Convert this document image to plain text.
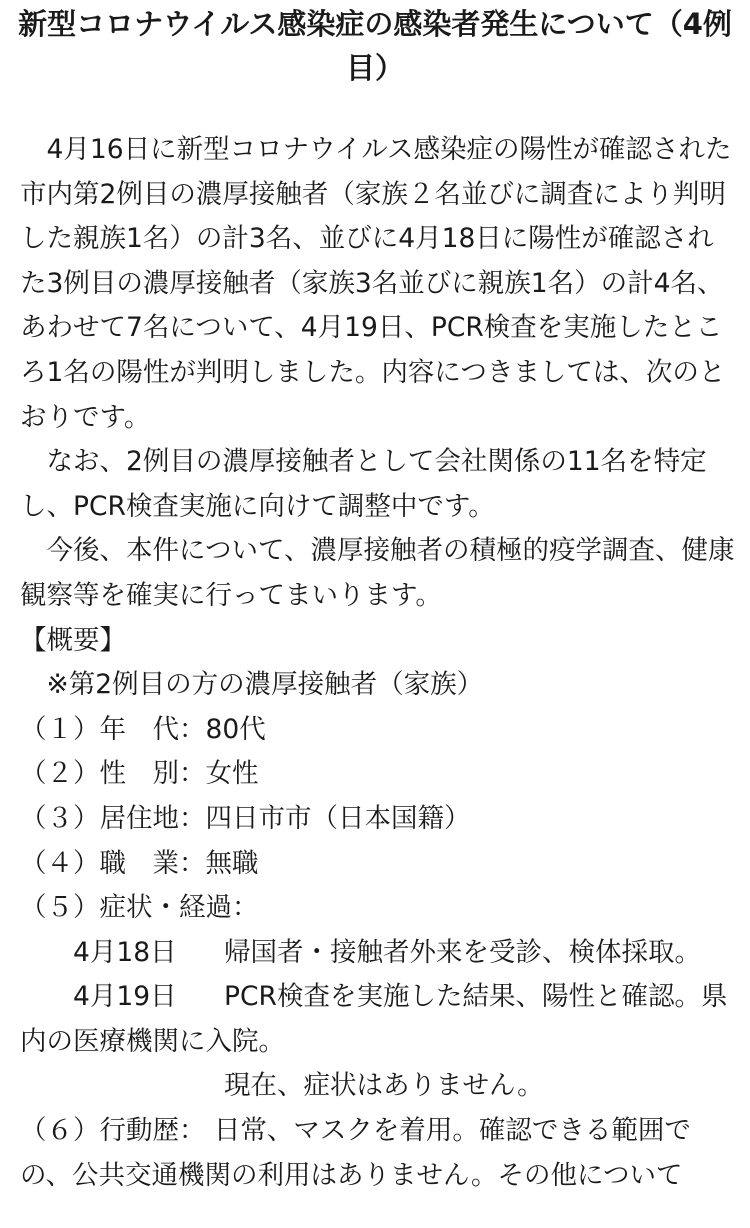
新型コロナウイルス感染症の感染者発生について（4例
目）

4月16日に新型コロナウイルス感染症の陽性が確認された市内第2例目の濃厚接触者（家族２名並びに調査により判明した親族1名）の計3名、並びに4月18日に陽性が確認された3例目の濃厚接触者（家族3名並びに親族1名）の計4名、あわせて7名について、4月19日、PCR検査を実施したところ1名の陽性が判明しました。内容につきましては、次のとおりです。

なお、2例目の濃厚接触者として会社関係の11名を特定し、PCR検査実施に向けて調整中です。

今後、本件について、濃厚接触者の積極的疫学調査、健康観察等を確実に行ってまいります。

【概要】

※第2例目の方の濃厚接触者（家族）

（１）年　代：80代

（２）性　別：女性

（３）居住地：四日市市（日本国籍）

（４）職　業：無職

（５）症状・経過：

4月18日 帰国者・接触者外来を受診、検体採取。

4月19日 PCR検査を実施した結果、陽性と確認。県内の医療機関に入院。

現在、症状はありません。

（６）行動歴： 日常、マスクを着用。確認できる範囲での、公共交通機関の利用はありません。その他について
